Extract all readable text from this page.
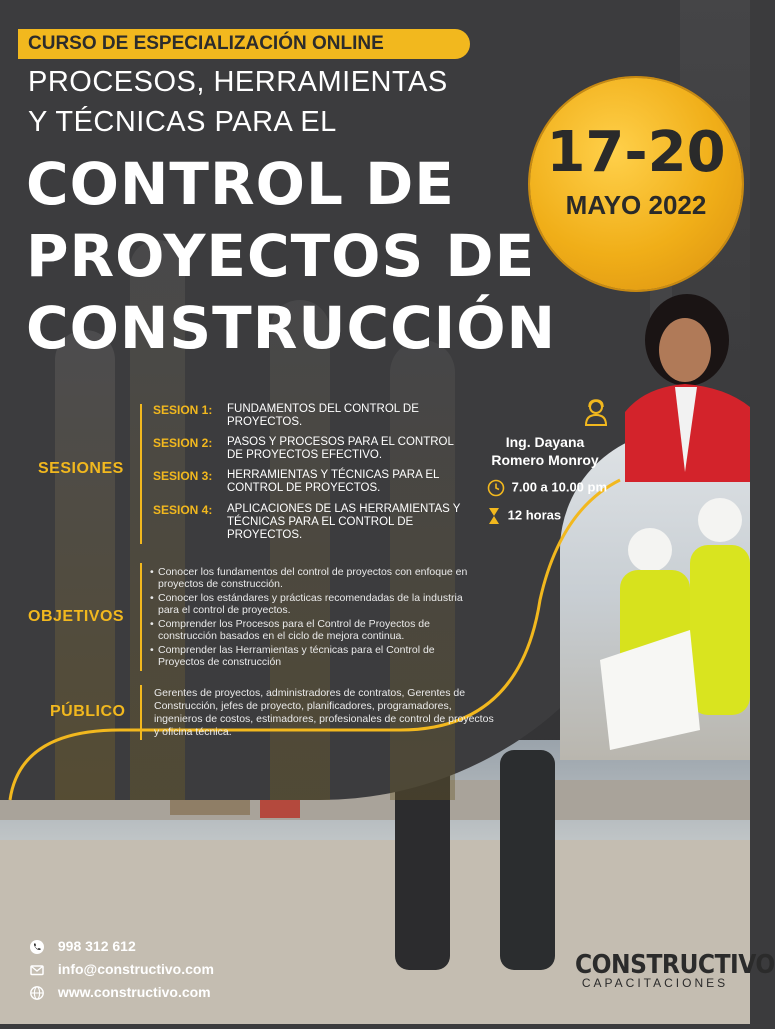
CURSO DE ESPECIALIZACIÓN ONLINE
PROCESOS, HERRAMIENTAS
Y TÉCNICAS PARA EL
CONTROL DE
PROYECTOS DE
CONSTRUCCIÓN
17-20
MAYO 2022
Ing. Dayana
Romero Monroy
7.00 a 10.00 pm
12 horas
SESIONES
SESION 1: FUNDAMENTOS DEL CONTROL DE PROYECTOS.
SESION 2: PASOS Y PROCESOS PARA EL CONTROL DE PROYECTOS EFECTIVO.
SESION 3: HERRAMIENTAS Y TÉCNICAS PARA EL CONTROL DE PROYECTOS.
SESION 4: APLICACIONES DE LAS HERRAMIENTAS Y TÉCNICAS PARA EL CONTROL DE PROYECTOS.
OBJETIVOS
• Conocer los fundamentos del control de proyectos con enfoque en proyectos de construcción.
• Conocer los estándares y prácticas recomendadas de la industria para el control de proyectos.
• Comprender los Procesos para el Control de Proyectos de construcción basados en el ciclo de mejora continua.
• Comprender las Herramientas y técnicas para el Control de Proyectos de construcción
PÚBLICO
Gerentes de proyectos, administradores de contratos, Gerentes de Construcción, jefes de proyecto, planificadores, programadores, ingenieros de costos, estimadores, profesionales de control de proyectos y oficina técnica.
998 312 612
info@constructivo.com
www.constructivo.com
CONSTRUCTIVO
CAPACITACIONES
